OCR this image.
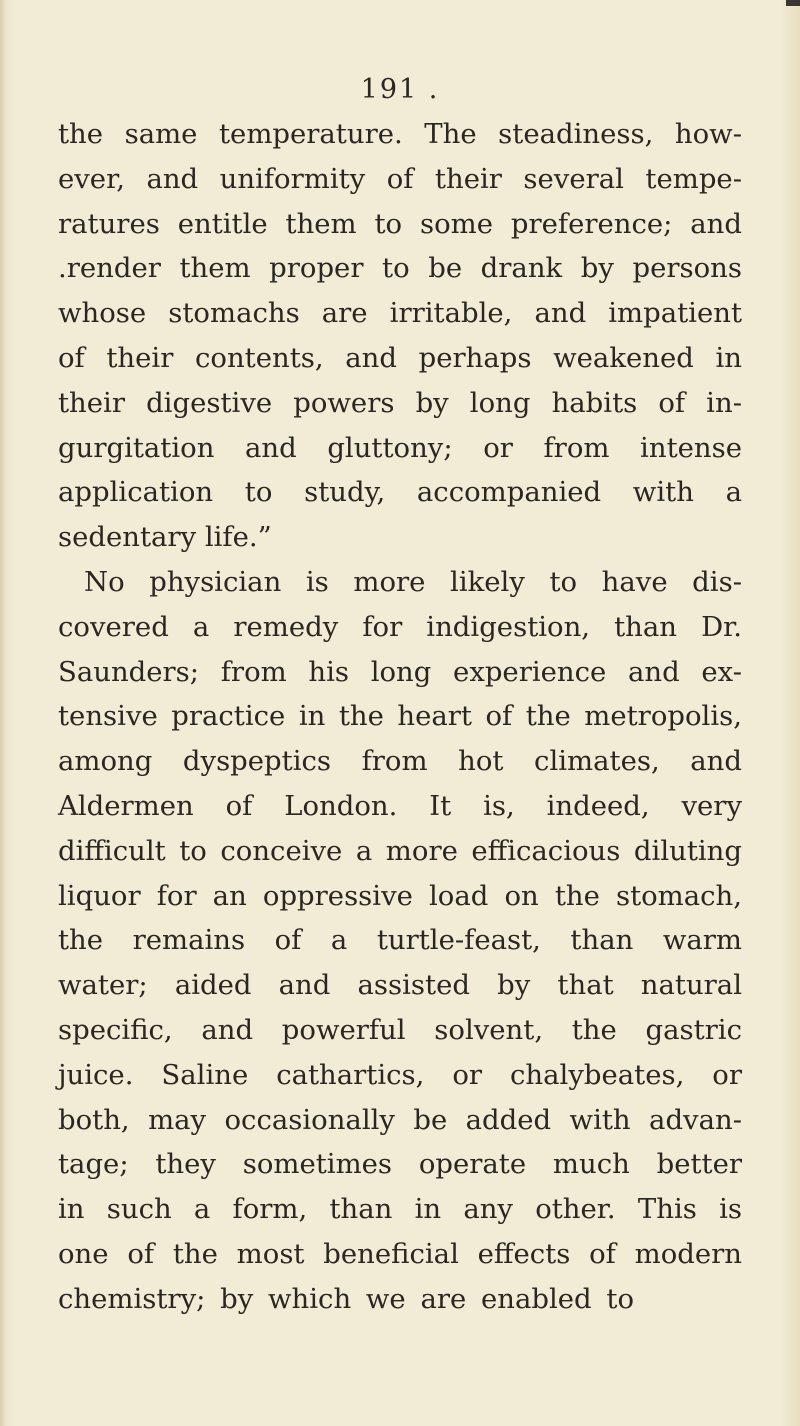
191 .
the same temperature. The steadiness, how-
ever, and uniformity of their several tempe-
ratures entitle them to some preference; and
.render them proper to be drank by persons
whose stomachs are irritable, and impatient
of their contents, and perhaps weakened in
their digestive powers by long habits of in-
gurgitation and gluttony; or from intense
application to study, accompanied with a
sedentary life.”
No physician is more likely to have dis-
covered a remedy for indigestion, than Dr.
Saunders; from his long experience and ex-
tensive practice in the heart of the metropolis,
among dyspeptics from hot climates, and
Aldermen of London. It is, indeed, very
difficult to conceive a more efficacious diluting
liquor for an oppressive load on the stomach,
the remains of a turtle-feast, than warm
water; aided and assisted by that natural
specific, and powerful solvent, the gastric
juice. Saline cathartics, or chalybeates, or
both, may occasionally be added with advan-
tage; they sometimes operate much better
in such a form, than in any other. This is
one of the most beneficial effects of modern
chemistry; by which we are enabled to
